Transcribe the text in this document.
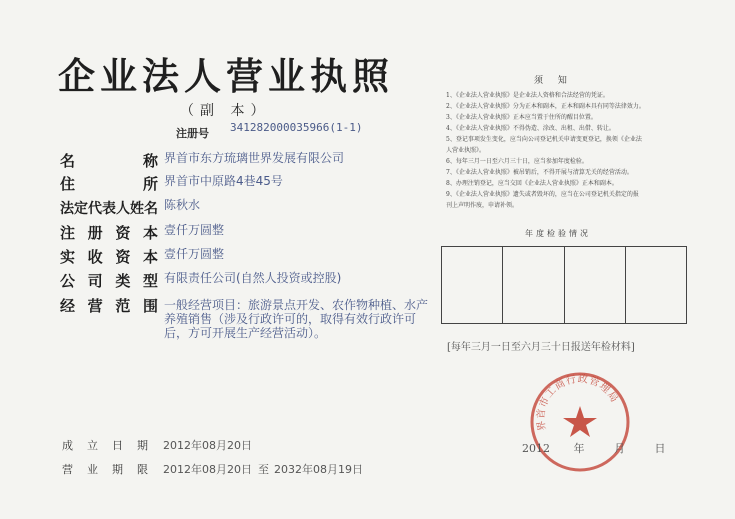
企业法人营业执照
（副 本）
注册号 341282000035966(1-1)
名	称 界首市东方琉璃世界发展有限公司
住	所 界首市中原路4巷45号
法定代表人姓名 陈秋水
注 册 资 本 壹仟万圆整
实 收 资 本 壹仟万圆整
公 司 类 型 有限责任公司(自然人投资或控股)
经 营 范 围 一般经营项目：旅游景点开发、农作物种植、水产养殖销售（涉及行政许可的，取得有效行政许可后，方可开展生产经营活动）。
成 立 日 期 2012年08月20日
营 业 期 限 2012年08月20日 至 2032年08月19日
须 知
1、《企业法人营业执照》是企业法人资格和合法经营的凭证。
2、《企业法人营业执照》分为正本和副本，正本和副本具有同等法律效力。
3、《企业法人营业执照》正本应当置于住所的醒目位置。
4、《企业法人营业执照》不得伪造、涂改、出租、出借、转让。
5、登记事项发生变化，应当向公司登记机关申请变更登记，换领《企业法
人营业执照》。
6、每年三月一日至六月三十日，应当参加年度检验。
7、《企业法人营业执照》被吊销后，不得开展与清算无关的经营活动。
8、办理注销登记，应当交回《企业法人营业执照》正本和副本。
9、《企业法人营业执照》遗失或者毁坏的，应当在公司登记机关指定的报
刊上声明作废，申请补领。
年度检验情况
[每年三月一日至六月三十日报送年检材料]
界首市工商行政管理局
2012 年	月	日
